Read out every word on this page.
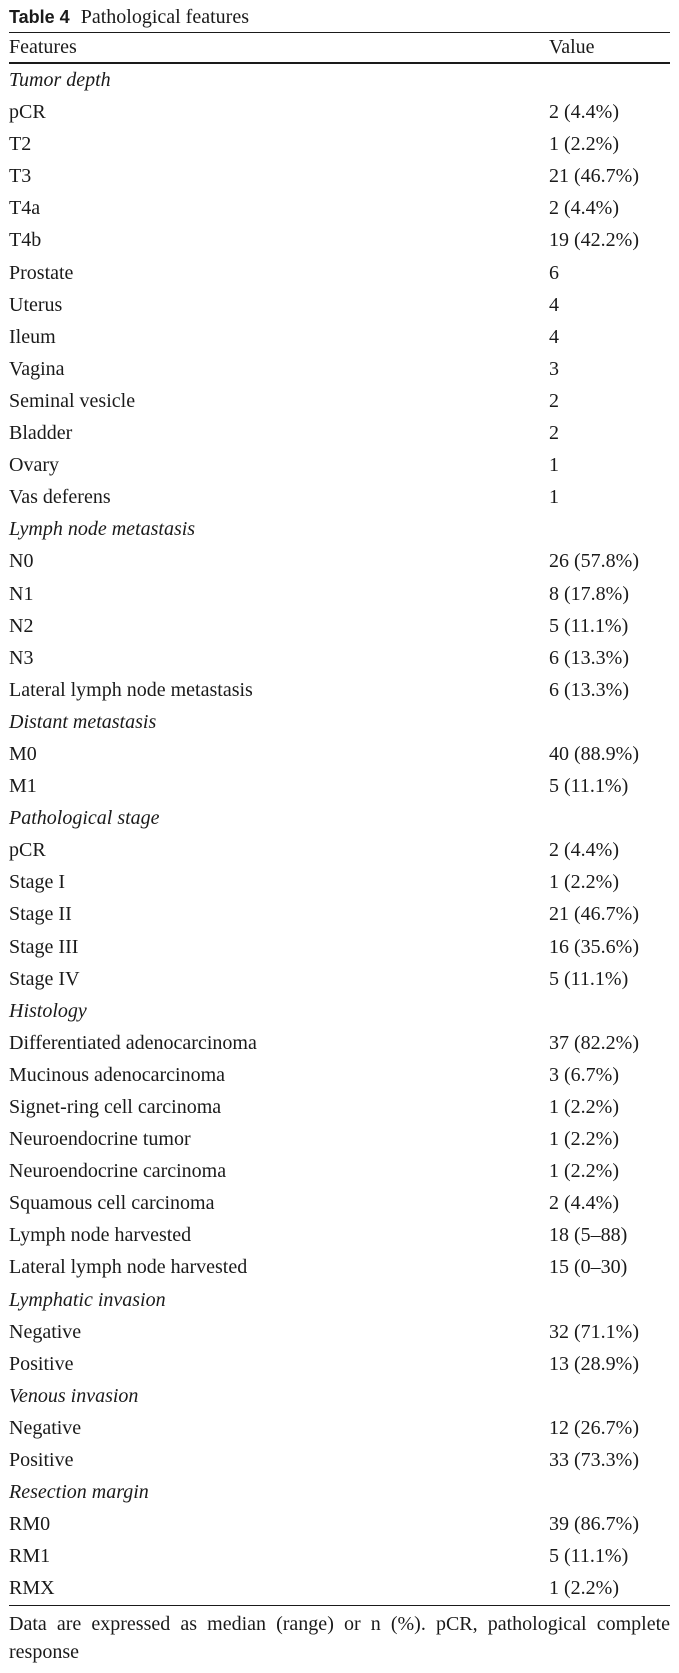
Table 4 Pathological features
Features	Value
Tumor depth
pCR	2 (4.4%)
T2	1 (2.2%)
T3	21 (46.7%)
T4a	2 (4.4%)
T4b	19 (42.2%)
Prostate	6
Uterus	4
Ileum	4
Vagina	3
Seminal vesicle	2
Bladder	2
Ovary	1
Vas deferens	1
Lymph node metastasis
N0	26 (57.8%)
N1	8 (17.8%)
N2	5 (11.1%)
N3	6 (13.3%)
Lateral lymph node metastasis	6 (13.3%)
Distant metastasis
M0	40 (88.9%)
M1	5 (11.1%)
Pathological stage
pCR	2 (4.4%)
Stage I	1 (2.2%)
Stage II	21 (46.7%)
Stage III	16 (35.6%)
Stage IV	5 (11.1%)
Histology
Differentiated adenocarcinoma	37 (82.2%)
Mucinous adenocarcinoma	3 (6.7%)
Signet-ring cell carcinoma	1 (2.2%)
Neuroendocrine tumor	1 (2.2%)
Neuroendocrine carcinoma	1 (2.2%)
Squamous cell carcinoma	2 (4.4%)
Lymph node harvested	18 (5–88)
Lateral lymph node harvested	15 (0–30)
Lymphatic invasion
Negative	32 (71.1%)
Positive	13 (28.9%)
Venous invasion
Negative	12 (26.7%)
Positive	33 (73.3%)
Resection margin
RM0	39 (86.7%)
RM1	5 (11.1%)
RMX	1 (2.2%)
Data are expressed as median (range) or n (%). pCR, pathological complete response
